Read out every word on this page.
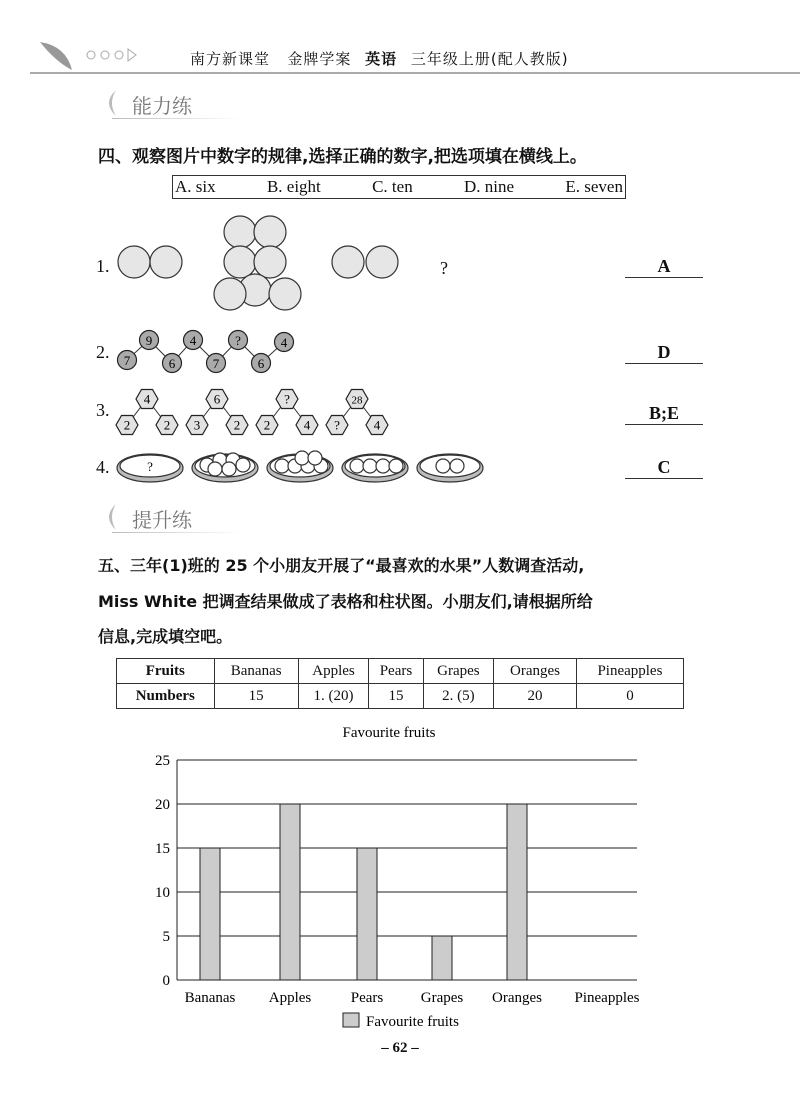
南方新课堂 金牌学案 英语 三年级上册(配人教版)
能力练
四、观察图片中数字的规律,选择正确的数字,把选项填在横线上。
A. six	B. eight	C. ten	D. nine	E. seven
1.	?	A
2. 7
9
6
4
7
?
6
4	D
3.
4
2	2
6
3	2
?
2	4
28
?	4
B;E
4.	?	C
提升练
五、三年(1)班的 25 个小朋友开展了“最喜欢的水果”人数调查活动,
Miss White 把调查结果做成了表格和柱状图。小朋友们,请根据所给
信息,完成填空吧。
Fruits	Bananas	Apples	Pears	Grapes	Oranges	Pineapples
Numbers	15	1. (20)	15	2. (5)	20	0
Favourite fruits
0
5
10
15
20
25
Bananas Apples	Pears	Grapes Oranges Pineapples
Favourite fruits
– 62 –
